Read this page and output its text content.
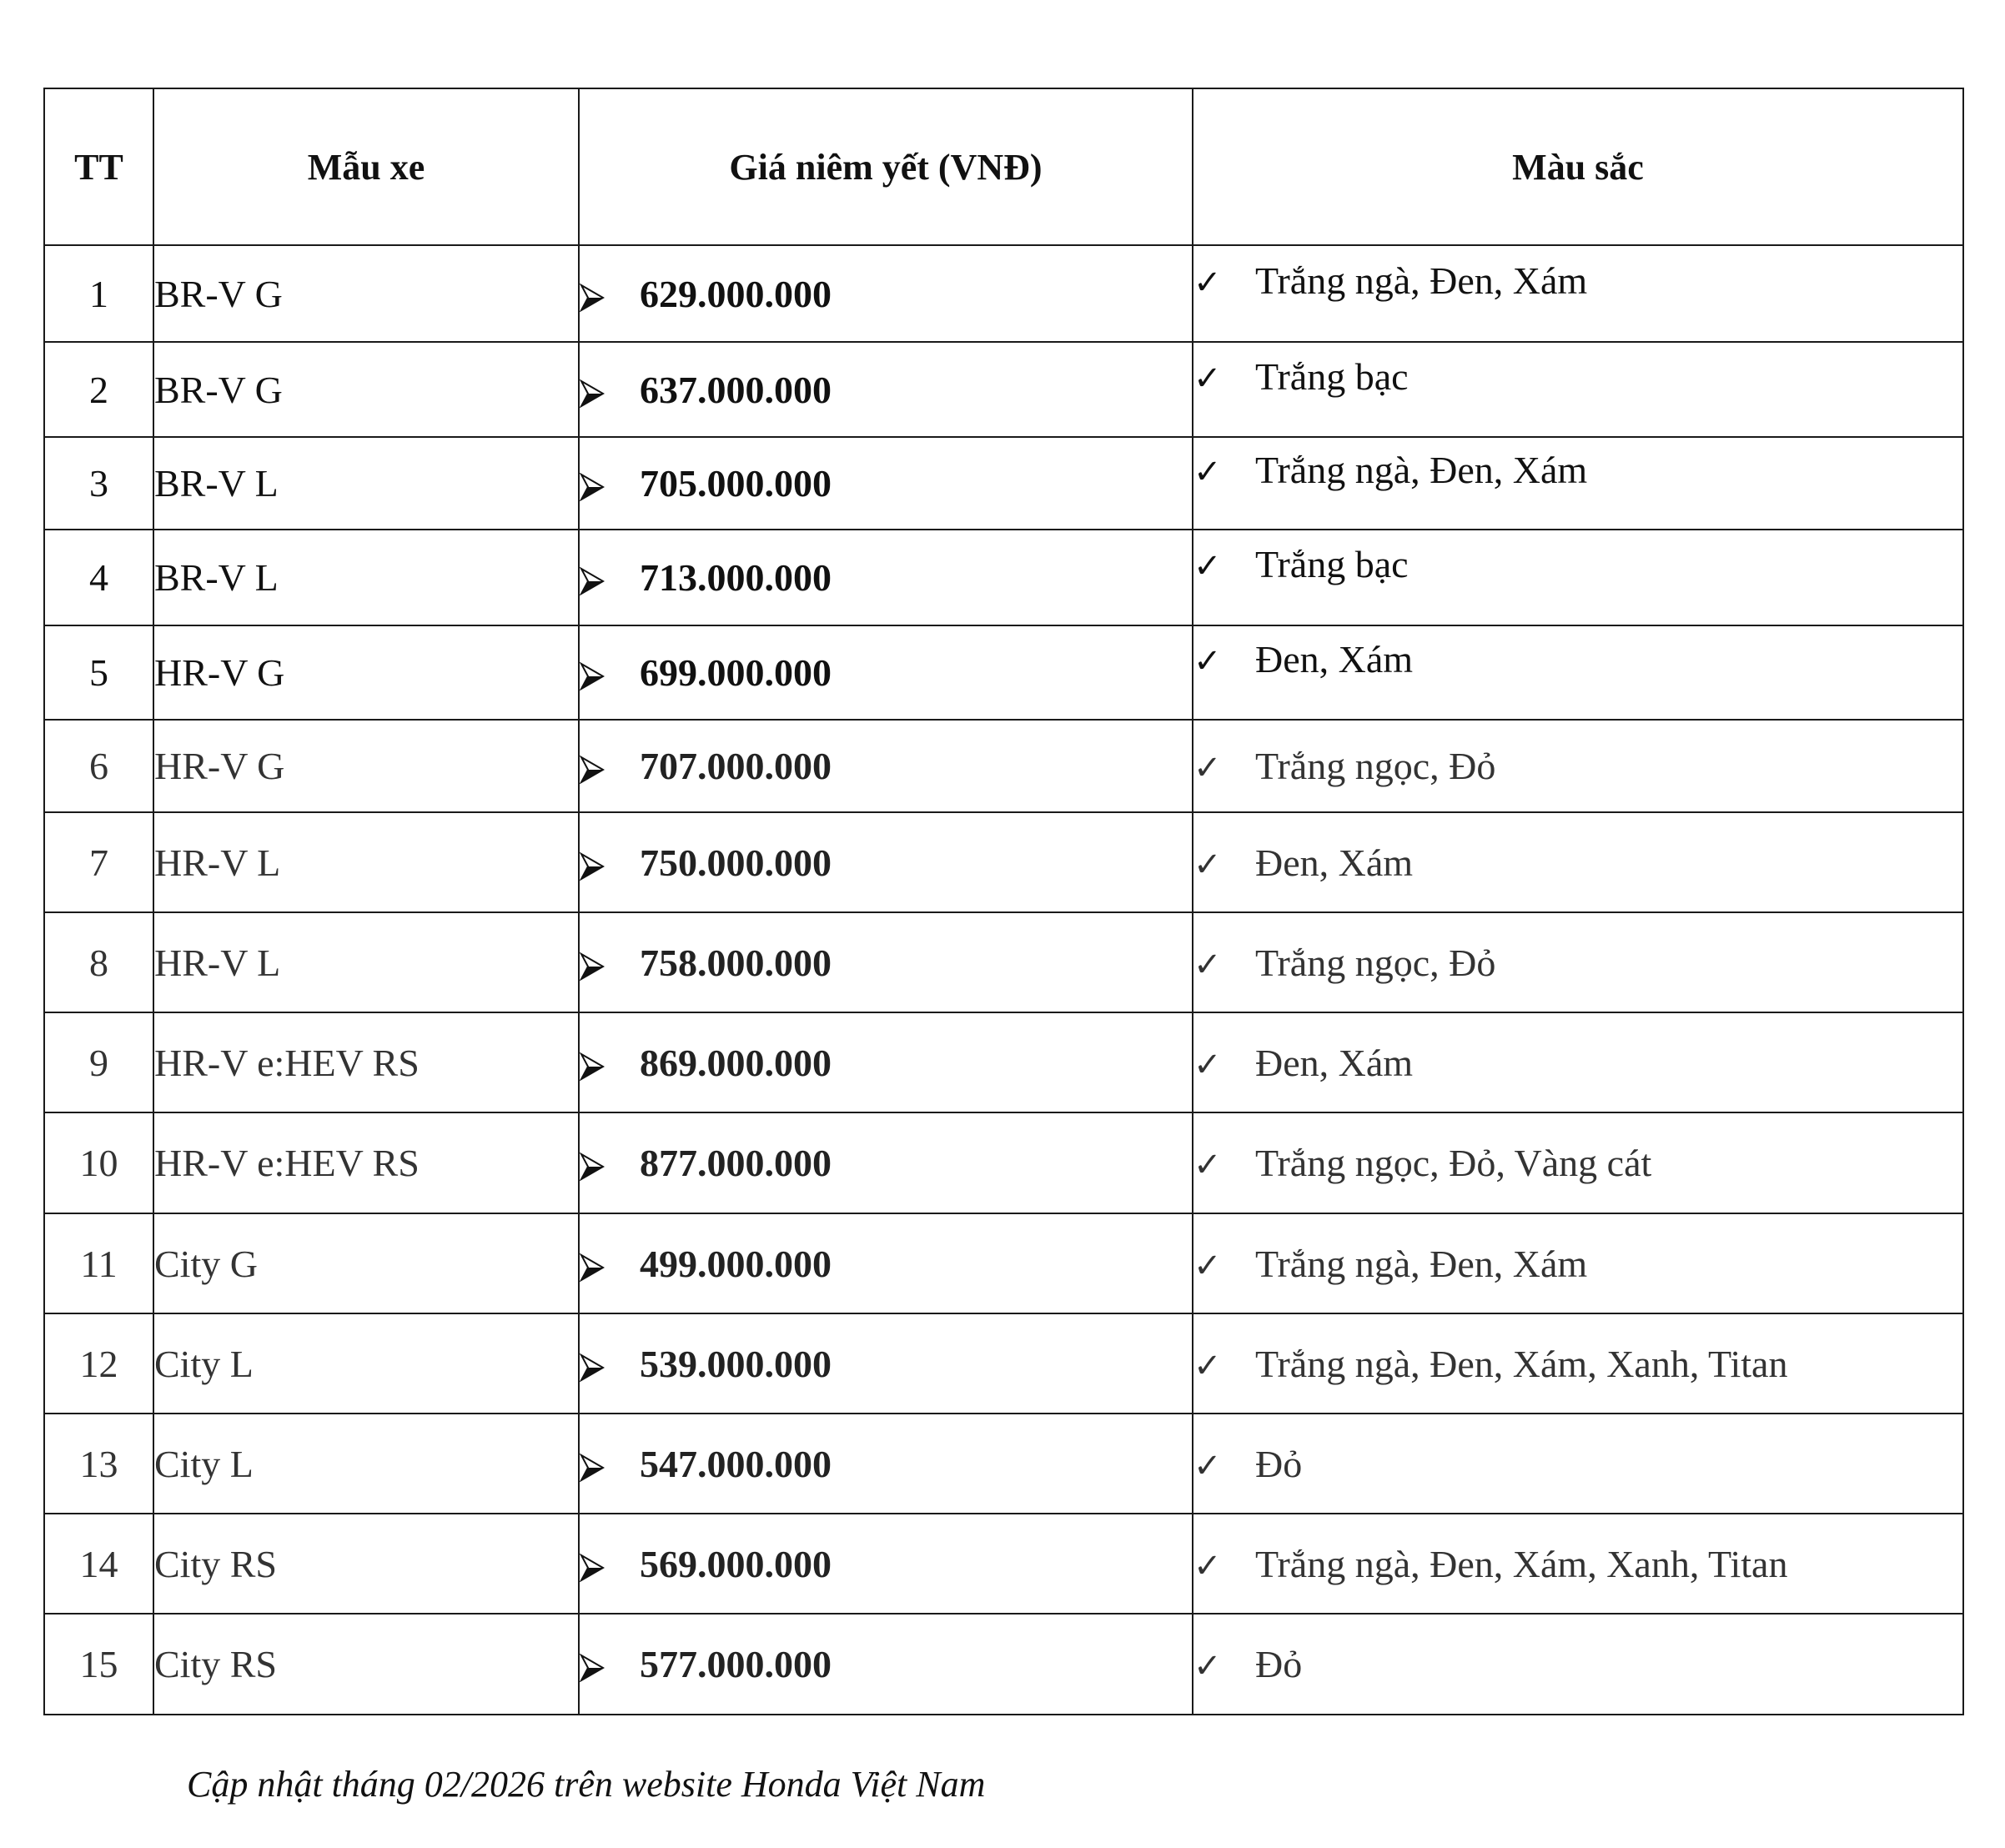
TT	Mẫu xe	Giá niêm yết (VNĐ)	Màu sắc
1	BR-V G	629.000.000	✓ Trắng ngà, Đen, Xám
2	BR-V G	637.000.000	✓ Trắng bạc
3	BR-V L	705.000.000	✓ Trắng ngà, Đen, Xám
4	BR-V L	713.000.000	✓ Trắng bạc
5	HR-V G	699.000.000	✓ Đen, Xám
6	HR-V G	707.000.000	✓ Trắng ngọc, Đỏ
7	HR-V L	750.000.000	✓ Đen, Xám
8	HR-V L	758.000.000	✓ Trắng ngọc, Đỏ
9	HR-V e:HEV RS	869.000.000	✓ Đen, Xám
10	HR-V e:HEV RS	877.000.000	✓ Trắng ngọc, Đỏ, Vàng cát
11	City G	499.000.000	✓ Trắng ngà, Đen, Xám
12	City L	539.000.000	✓ Trắng ngà, Đen, Xám, Xanh, Titan
13	City L	547.000.000	✓ Đỏ
14	City RS	569.000.000	✓ Trắng ngà, Đen, Xám, Xanh, Titan
15	City RS	577.000.000	✓ Đỏ
Cập nhật tháng 02/2026 trên website Honda Việt Nam
